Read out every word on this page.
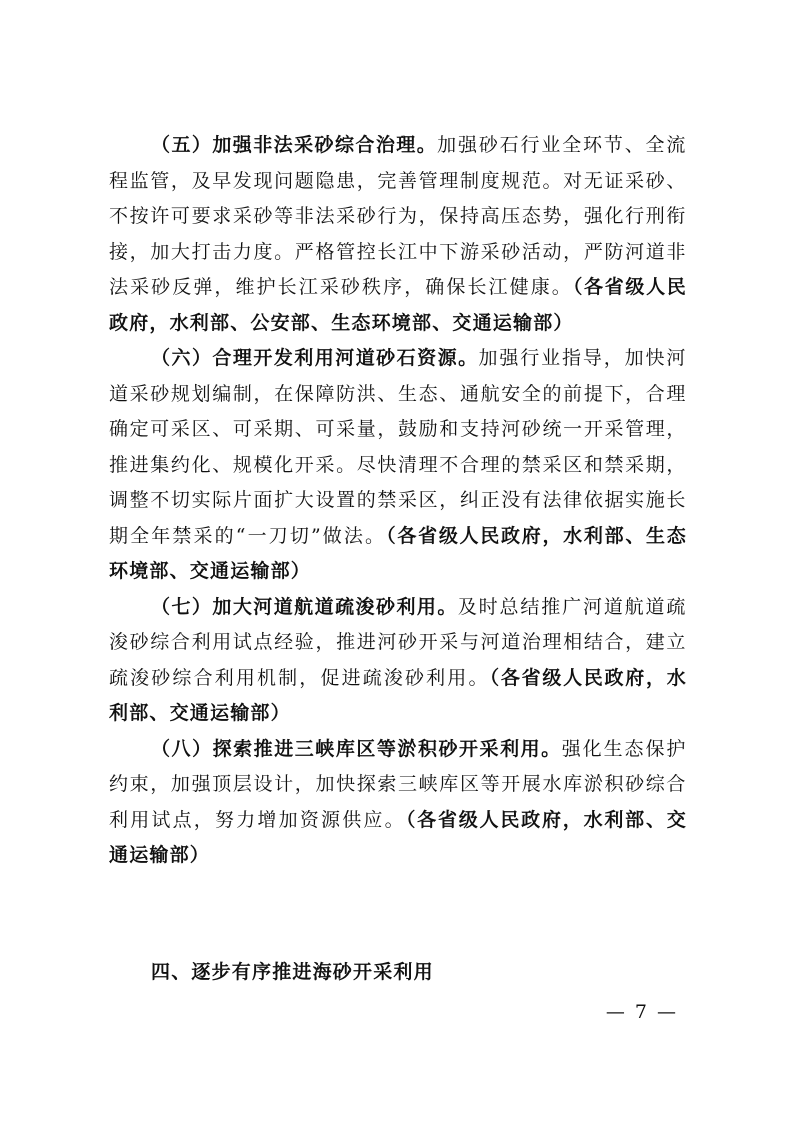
（五）加强非法采砂综合治理。加强砂石行业全环节、全流程监管，及早发现问题隐患，完善管理制度规范。对无证采砂、不按许可要求采砂等非法采砂行为，保持高压态势，强化行刑衔接，加大打击力度。严格管控长江中下游采砂活动，严防河道非法采砂反弹，维护长江采砂秩序，确保长江健康。（各省级人民政府，水利部、公安部、生态环境部、交通运输部）

（六）合理开发利用河道砂石资源。加强行业指导，加快河道采砂规划编制，在保障防洪、生态、通航安全的前提下，合理确定可采区、可采期、可采量，鼓励和支持河砂统一开采管理，推进集约化、规模化开采。尽快清理不合理的禁采区和禁采期，调整不切实际片面扩大设置的禁采区，纠正没有法律依据实施长期全年禁采的“一刀切”做法。（各省级人民政府，水利部、生态环境部、交通运输部）

（七）加大河道航道疏浚砂利用。及时总结推广河道航道疏浚砂综合利用试点经验，推进河砂开采与河道治理相结合，建立疏浚砂综合利用机制，促进疏浚砂利用。（各省级人民政府，水利部、交通运输部）

（八）探索推进三峡库区等淤积砂开采利用。强化生态保护约束，加强顶层设计，加快探索三峡库区等开展水库淤积砂综合利用试点，努力增加资源供应。（各省级人民政府，水利部、交通运输部）

四、逐步有序推进海砂开采利用
— 7 —
